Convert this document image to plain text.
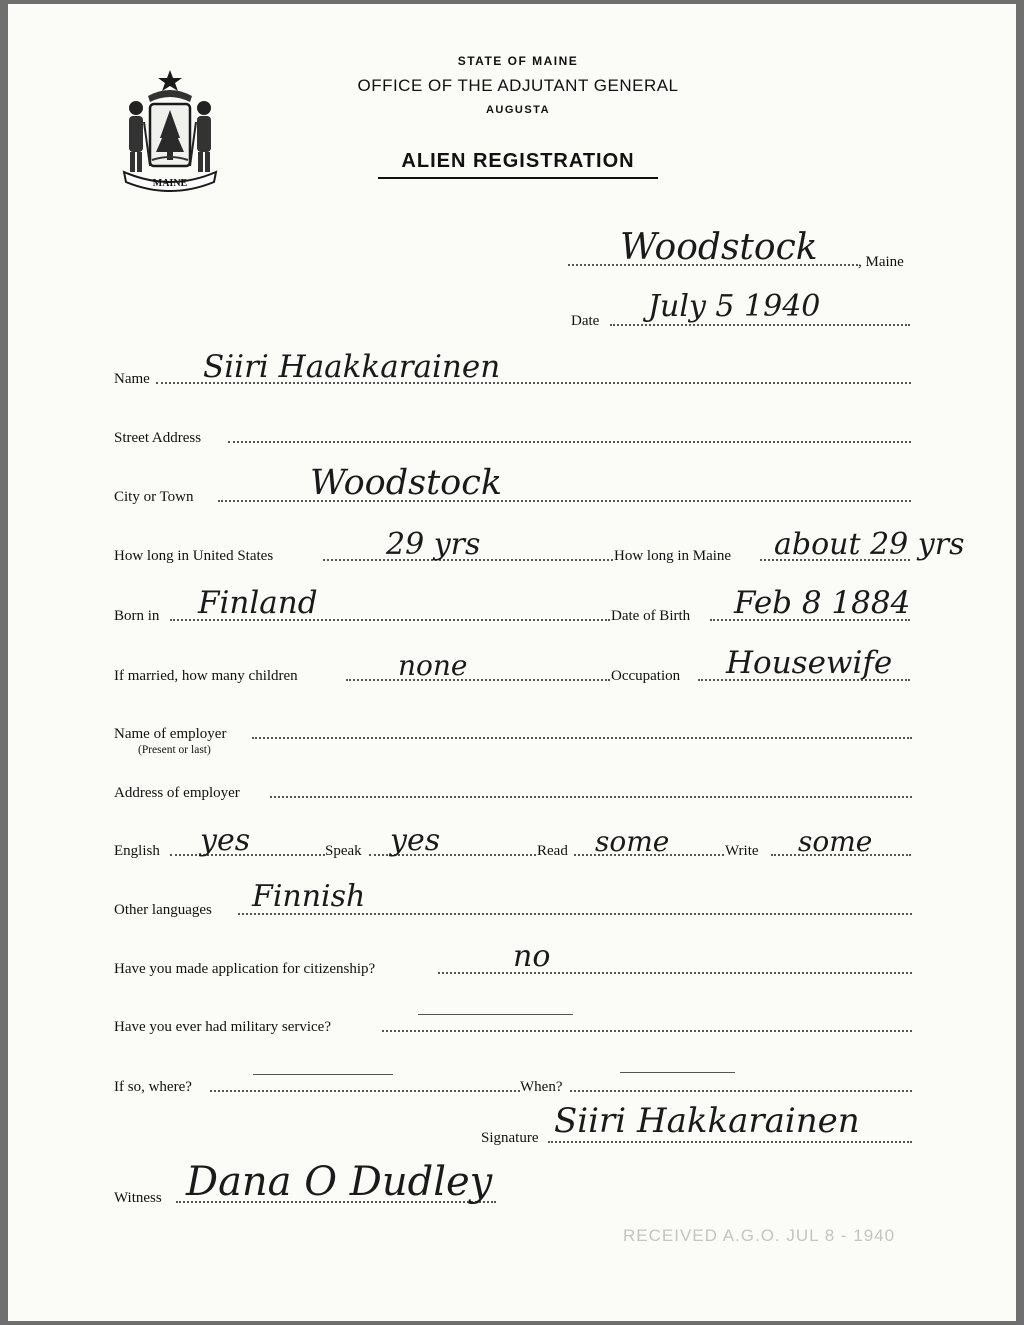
MAINE
STATE OF MAINE
OFFICE OF THE ADJUTANT GENERAL
AUGUSTA
ALIEN REGISTRATION
Woodstock	, Maine
Date July 5 1940
Name Siiri Haakkarainen
Street Address
City or Town	Woodstock
How long in United States	29 yrs	How long in Maine about 29 yrs
Born in Finland	Date of Birth Feb 8 1884
If married, how many children	none	Occupation Housewife
Name of employer
(Present or last)
Address of employer
English yes	Speak yes	Read some	Write some
Other languages Finnish
Have you made application for citizenship?	no
Have you ever had military service?
If so, where?	When?
Signature Siiri Hakkarainen
Witness Dana O Dudley
RECEIVED A.G.O. JUL 8 - 1940
